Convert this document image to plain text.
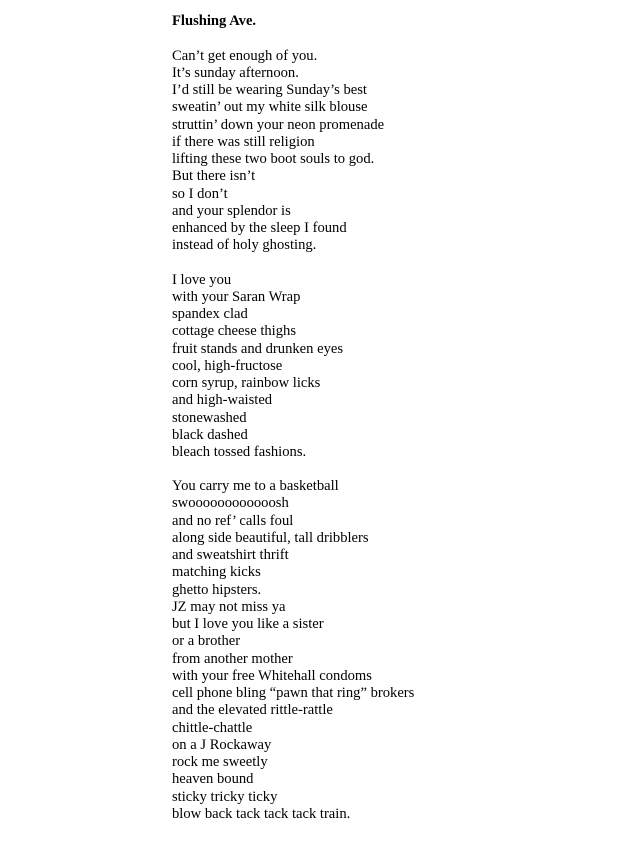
Flushing Ave.
Can’t get enough of you.
It’s sunday afternoon.
I’d still be wearing Sunday’s best
sweatin’ out my white silk blouse
struttin’ down your neon promenade
if there was still religion
lifting these two boot souls to god.
But there isn’t
so I don’t
and your splendor is
enhanced by the sleep I found
instead of holy ghosting.
I love you
with your Saran Wrap
spandex clad
cottage cheese thighs
fruit stands and drunken eyes
cool, high-fructose
corn syrup, rainbow licks
and high-waisted
stonewashed
black dashed
bleach tossed fashions.
You carry me to a basketball
swoooooooooooosh
and no ref’ calls foul
along side beautiful, tall dribblers
and sweatshirt thrift
matching kicks
ghetto hipsters.
JZ may not miss ya
but I love you like a sister
or a brother
from another mother
with your free Whitehall condoms
cell phone bling “pawn that ring” brokers
and the elevated rittle-rattle
chittle-chattle
on a J Rockaway
rock me sweetly
heaven bound
sticky tricky ticky
blow back tack tack tack train.
